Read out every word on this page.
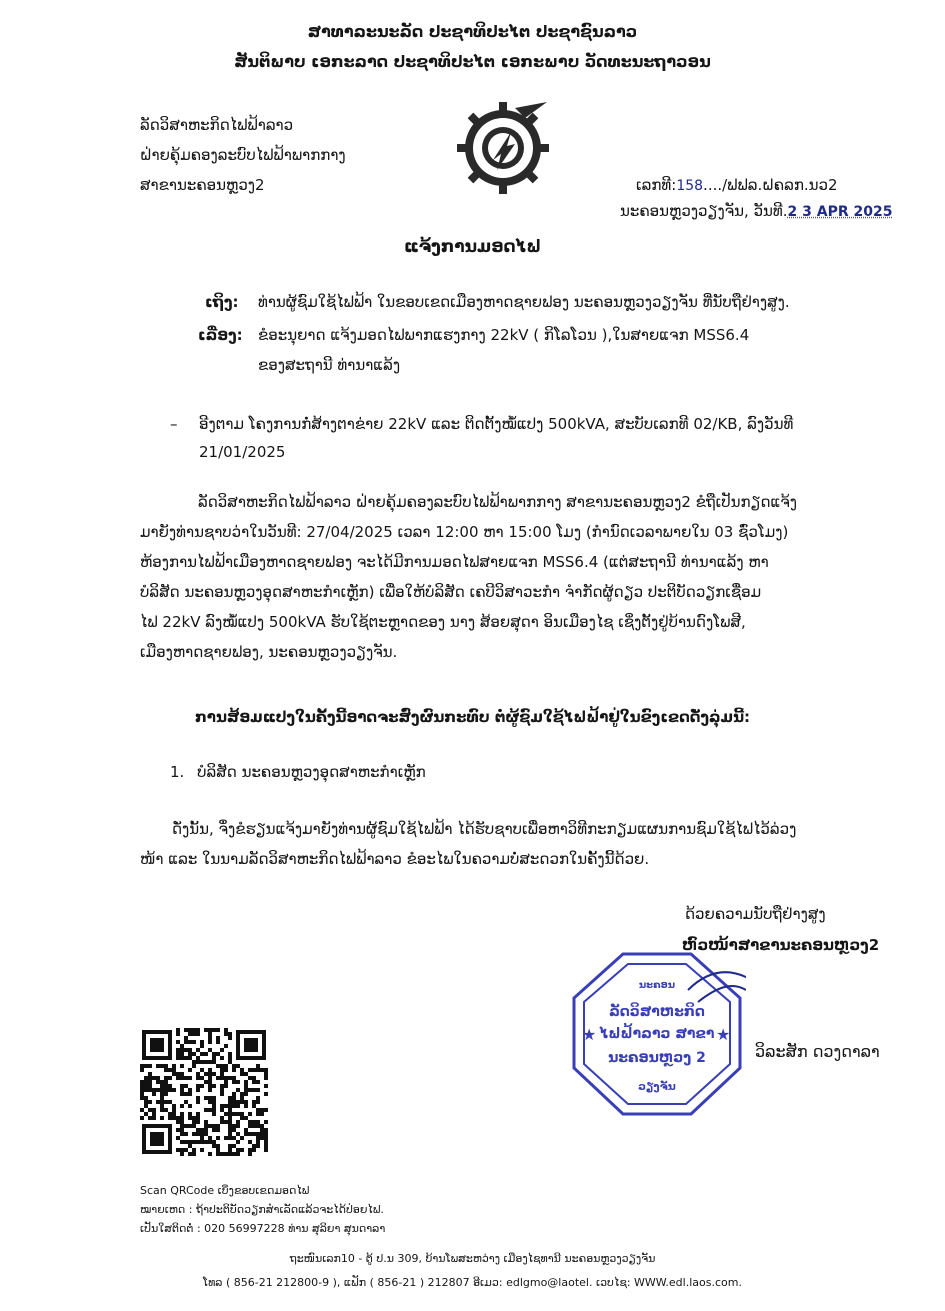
ສາທາລະນະລັດ ປະຊາທິປະໄຕ ປະຊາຊົນລາວ
ສັນຕິພາບ ເອກະລາດ ປະຊາທິປະໄຕ ເອກະພາບ ວັດທະນະຖາວອນ
ລັດວິສາຫະກິດໄຟຟ້າລາວ
ຝ່າຍຄຸ້ມຄອງລະບົບໄຟຟ້າພາກກາງ
ສາຂານະຄອນຫຼວງ2	ເລກທີ:158..../ຟຟລ.ຝຄລກ.ນວ2
ນະຄອນຫຼວງວຽງຈັນ, ວັນທີ.2 3 APR 2025
ແຈ້ງການມອດໄຟ
ເຖິງ: ທ່ານຜູ້ຊົມໃຊ້ໄຟຟ້າ ໃນຂອບເຂດເມືອງຫາດຊາຍຟອງ ນະຄອນຫຼວງວຽງຈັນ ທີ່ນັບຖືຢ່າງສູງ.
ເລື່ອງ: ຂໍອະນຸຍາດ ແຈ້ງມອດໄຟພາກແຮງກາງ 22kV ( ກິໂລໂວນ ),ໃນສາຍແຈກ MSS6.4
ຂອງສະຖານີ ທ່ານາແລ້ງ
– ອີງຕາມ ໂຄງການກໍ່ສ້າງຕາຂ່າຍ 22kV ແລະ ຕິດຕັ້ງໝໍ້ແປງ 500kVA, ສະບັບເລກທີ 02/KB, ລົງວັນທີ
21/01/2025
ລັດວິສາຫະກິດໄຟຟ້າລາວ ຝ່າຍຄຸ້ມຄອງລະບົບໄຟຟ້າພາກກາງ ສາຂານະຄອນຫຼວງ2 ຂໍຖືເປັນກຽດແຈ້ງ
ມາຍັງທ່ານຊາບວ່າໃນວັນທີ: 27/04/2025 ເວລາ 12:00 ຫາ 15:00 ໂມງ (ກຳນົດເວລາພາຍໃນ 03 ຊົ່ວໂມງ)
ຫ້ອງການໄຟຟ້າເມືອງຫາດຊາຍຟອງ ຈະໄດ້ມີການມອດໄຟສາຍແຈກ MSS6.4 (ແຕ່ສະຖານີ ທ່ານາແລ້ງ ຫາ
ບໍລິສັດ ນະຄອນຫຼວງອຸດສາຫະກຳເຫຼັກ) ເພື່ອໃຫ້ບໍລິສັດ ເຄບີວິສາວະກຳ ຈຳກັດຜູ້ດຽວ ປະຕິບັດວຽກເຊື່ອມ
ໄຟ 22kV ລົງໝໍ້ແປງ 500kVA ຮັບໃຊ້ຕະຫຼາດຂອງ ນາງ ສ້ອຍສຸດາ ອິນເມືອງໄຊ ເຊິ່ງຕັ້ງຢູ່ບ້ານດົງໂພສີ,
ເມືອງຫາດຊາຍຟອງ, ນະຄອນຫຼວງວຽງຈັນ.
ການສ້ອມແປງໃນຄັ້ງນີ້ອາດຈະສົ່ງຜົນກະທົບ ຕໍ່ຜູ້ຊົມໃຊ້ໄຟຟ້າຢູ່ໃນຂົງເຂດດັ່ງລຸ່ມນີ້:
1. ບໍລິສັດ ນະຄອນຫຼວງອຸດສາຫະກຳເຫຼັກ
ດັ່ງນັ້ນ, ຈຶ່ງຂໍຮຽນແຈ້ງມາຍັງທ່ານຜູ້ຊົມໃຊ້ໄຟຟ້າ ໄດ້ຮັບຊາບເພື່ອຫາວິທີກະກຽມແຜນການຊົມໃຊ້ໄຟໄວ້ລ່ວງ
ໜ້າ ແລະ ໃນນາມລັດວິສາຫະກິດໄຟຟ້າລາວ ຂໍອະໄພໃນຄວາມບໍ່ສະດວກໃນຄັ້ງນີ້ດ້ວຍ.
ດ້ວຍຄວາມນັບຖືຢ່າງສູງ
ຫົວໜ້າສາຂານະຄອນຫຼວງ2
ວິລະສັກ ດວງດາລາ
★	★
ນະຄອນ
ລັດວິສາຫະກິດ
ໄຟຟ້າລາວ ສາຂາ
ນະຄອນຫຼວງ 2
ວຽງຈັນ
Scan QRCode ເບິ່ງຂອບເຂດມອດໄຟ
ໝາຍເຫດ : ຖ້າປະຕິບັດວຽກສຳເລັດແລ້ວຈະໄດ້ປ່ອຍໄຟ.
ເປັນໃສຕິດຕໍ່ : 020 56997228 ທ່ານ ສຸລິຍາ ສຸນດາລາ
ຖະໜົນເລກ10 - ຕູ້ ປ.ນ 309, ບ້ານໂພສະຫວ່າງ ເມືອງໄຊທານີ ນະຄອນຫຼວງວຽງຈັນ
ໂທລ ( 856-21 212800-9 ), ແຟັກ ( 856-21 ) 212807 ອີເມວ: edlgmo@laotel. ເວບໄຊ: WWW.edl.laos.com.
